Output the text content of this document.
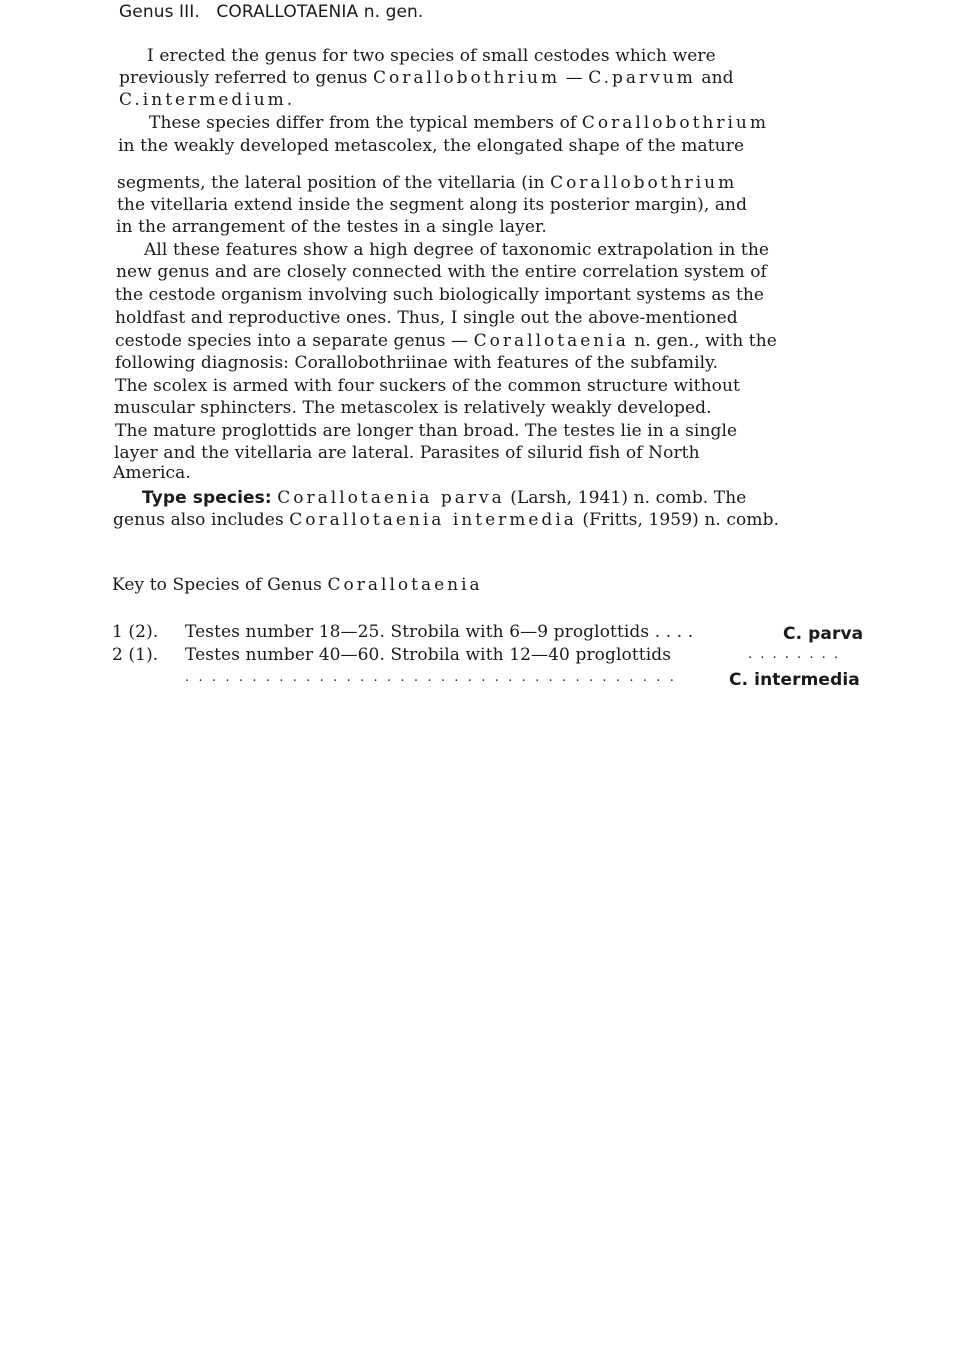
Genus III. CORALLOTAENIA n. gen.
I erected the genus for two species of small cestodes which were
previously referred to genus Corallobothrium — C.parvum and
C.intermedium.
These species differ from the typical members of Corallobothrium
in the weakly developed metascolex, the elongated shape of the mature
segments, the lateral position of the vitellaria (in Corallobothrium
the vitellaria extend inside the segment along its posterior margin), and
in the arrangement of the testes in a single layer.
All these features show a high degree of taxonomic extrapolation in the
new genus and are closely connected with the entire correlation system of
the cestode organism involving such biologically important systems as the
holdfast and reproductive ones. Thus, I single out the above-mentioned
cestode species into a separate genus — Corallotaenia n. gen., with the
following diagnosis: Corallobothriinae with features of the subfamily.
The scolex is armed with four suckers of the common structure without
muscular sphincters. The metascolex is relatively weakly developed.
The mature proglottids are longer than broad. The testes lie in a single
layer and the vitellaria are lateral. Parasites of silurid fish of North
America.
Type species: Corallotaenia parva (Larsh, 1941) n. comb. The
genus also includes Corallotaenia intermedia (Fritts, 1959) n. comb.
Key to Species of Genus Corallotaenia
1 (2). Testes number 18—25. Strobila with 6—9 proglottids . . . .	C. parva
2 (1). Testes number 40—60. Strobila with 12—40 proglottids	. . . . . . . .
. . . . . . . . . . . . . . . . . . . . . . . . . . . . . . . . . . . . .	C. intermedia
